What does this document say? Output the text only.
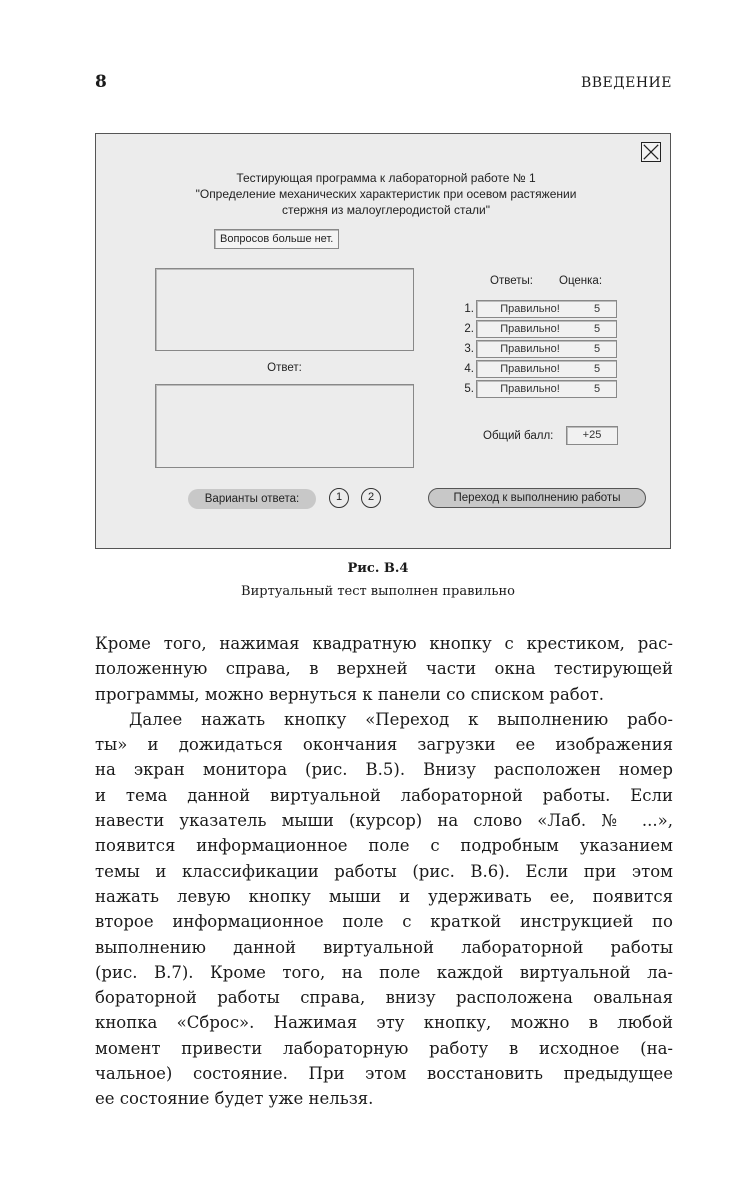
8	ВВЕДЕНИЕ
Тестирующая программа к лабораторной работе № 1
"Определение механических характеристик при осевом растяжении
стержня из малоуглеродистой стали"
Вопросов больше нет.
Ответ:
Ответы: Оценка:
1.	Правильно!	5
2.	Правильно!	5
3.	Правильно!	5
4.	Правильно!	5
5.	Правильно!	5
Общий балл:	+25
Варианты ответа:	1	2	Переход к выполнению работы
Рис. В.4
Виртуальный тест выполнен правильно
Кроме того, нажимая квадратную кнопку с крестиком, рас-
положенную справа, в верхней части окна тестирующей
программы, можно вернуться к панели со списком работ.
Далее нажать кнопку «Переход к выполнению рабо-
ты» и дожидаться окончания загрузки ее изображения
на экран монитора (рис. В.5). Внизу расположен номер
и тема данной виртуальной лабораторной работы. Если
навести указатель мыши (курсор) на слово «Лаб. № ...»,
появится информационное поле с подробным указанием
темы и классификации работы (рис. В.6). Если при этом
нажать левую кнопку мыши и удерживать ее, появится
второе информационное поле с краткой инструкцией по
выполнению данной виртуальной лабораторной работы
(рис. В.7). Кроме того, на поле каждой виртуальной ла-
бораторной работы справа, внизу расположена овальная
кнопка «Сброс». Нажимая эту кнопку, можно в любой
момент привести лабораторную работу в исходное (на-
чальное) состояние. При этом восстановить предыдущее
ее состояние будет уже нельзя.
